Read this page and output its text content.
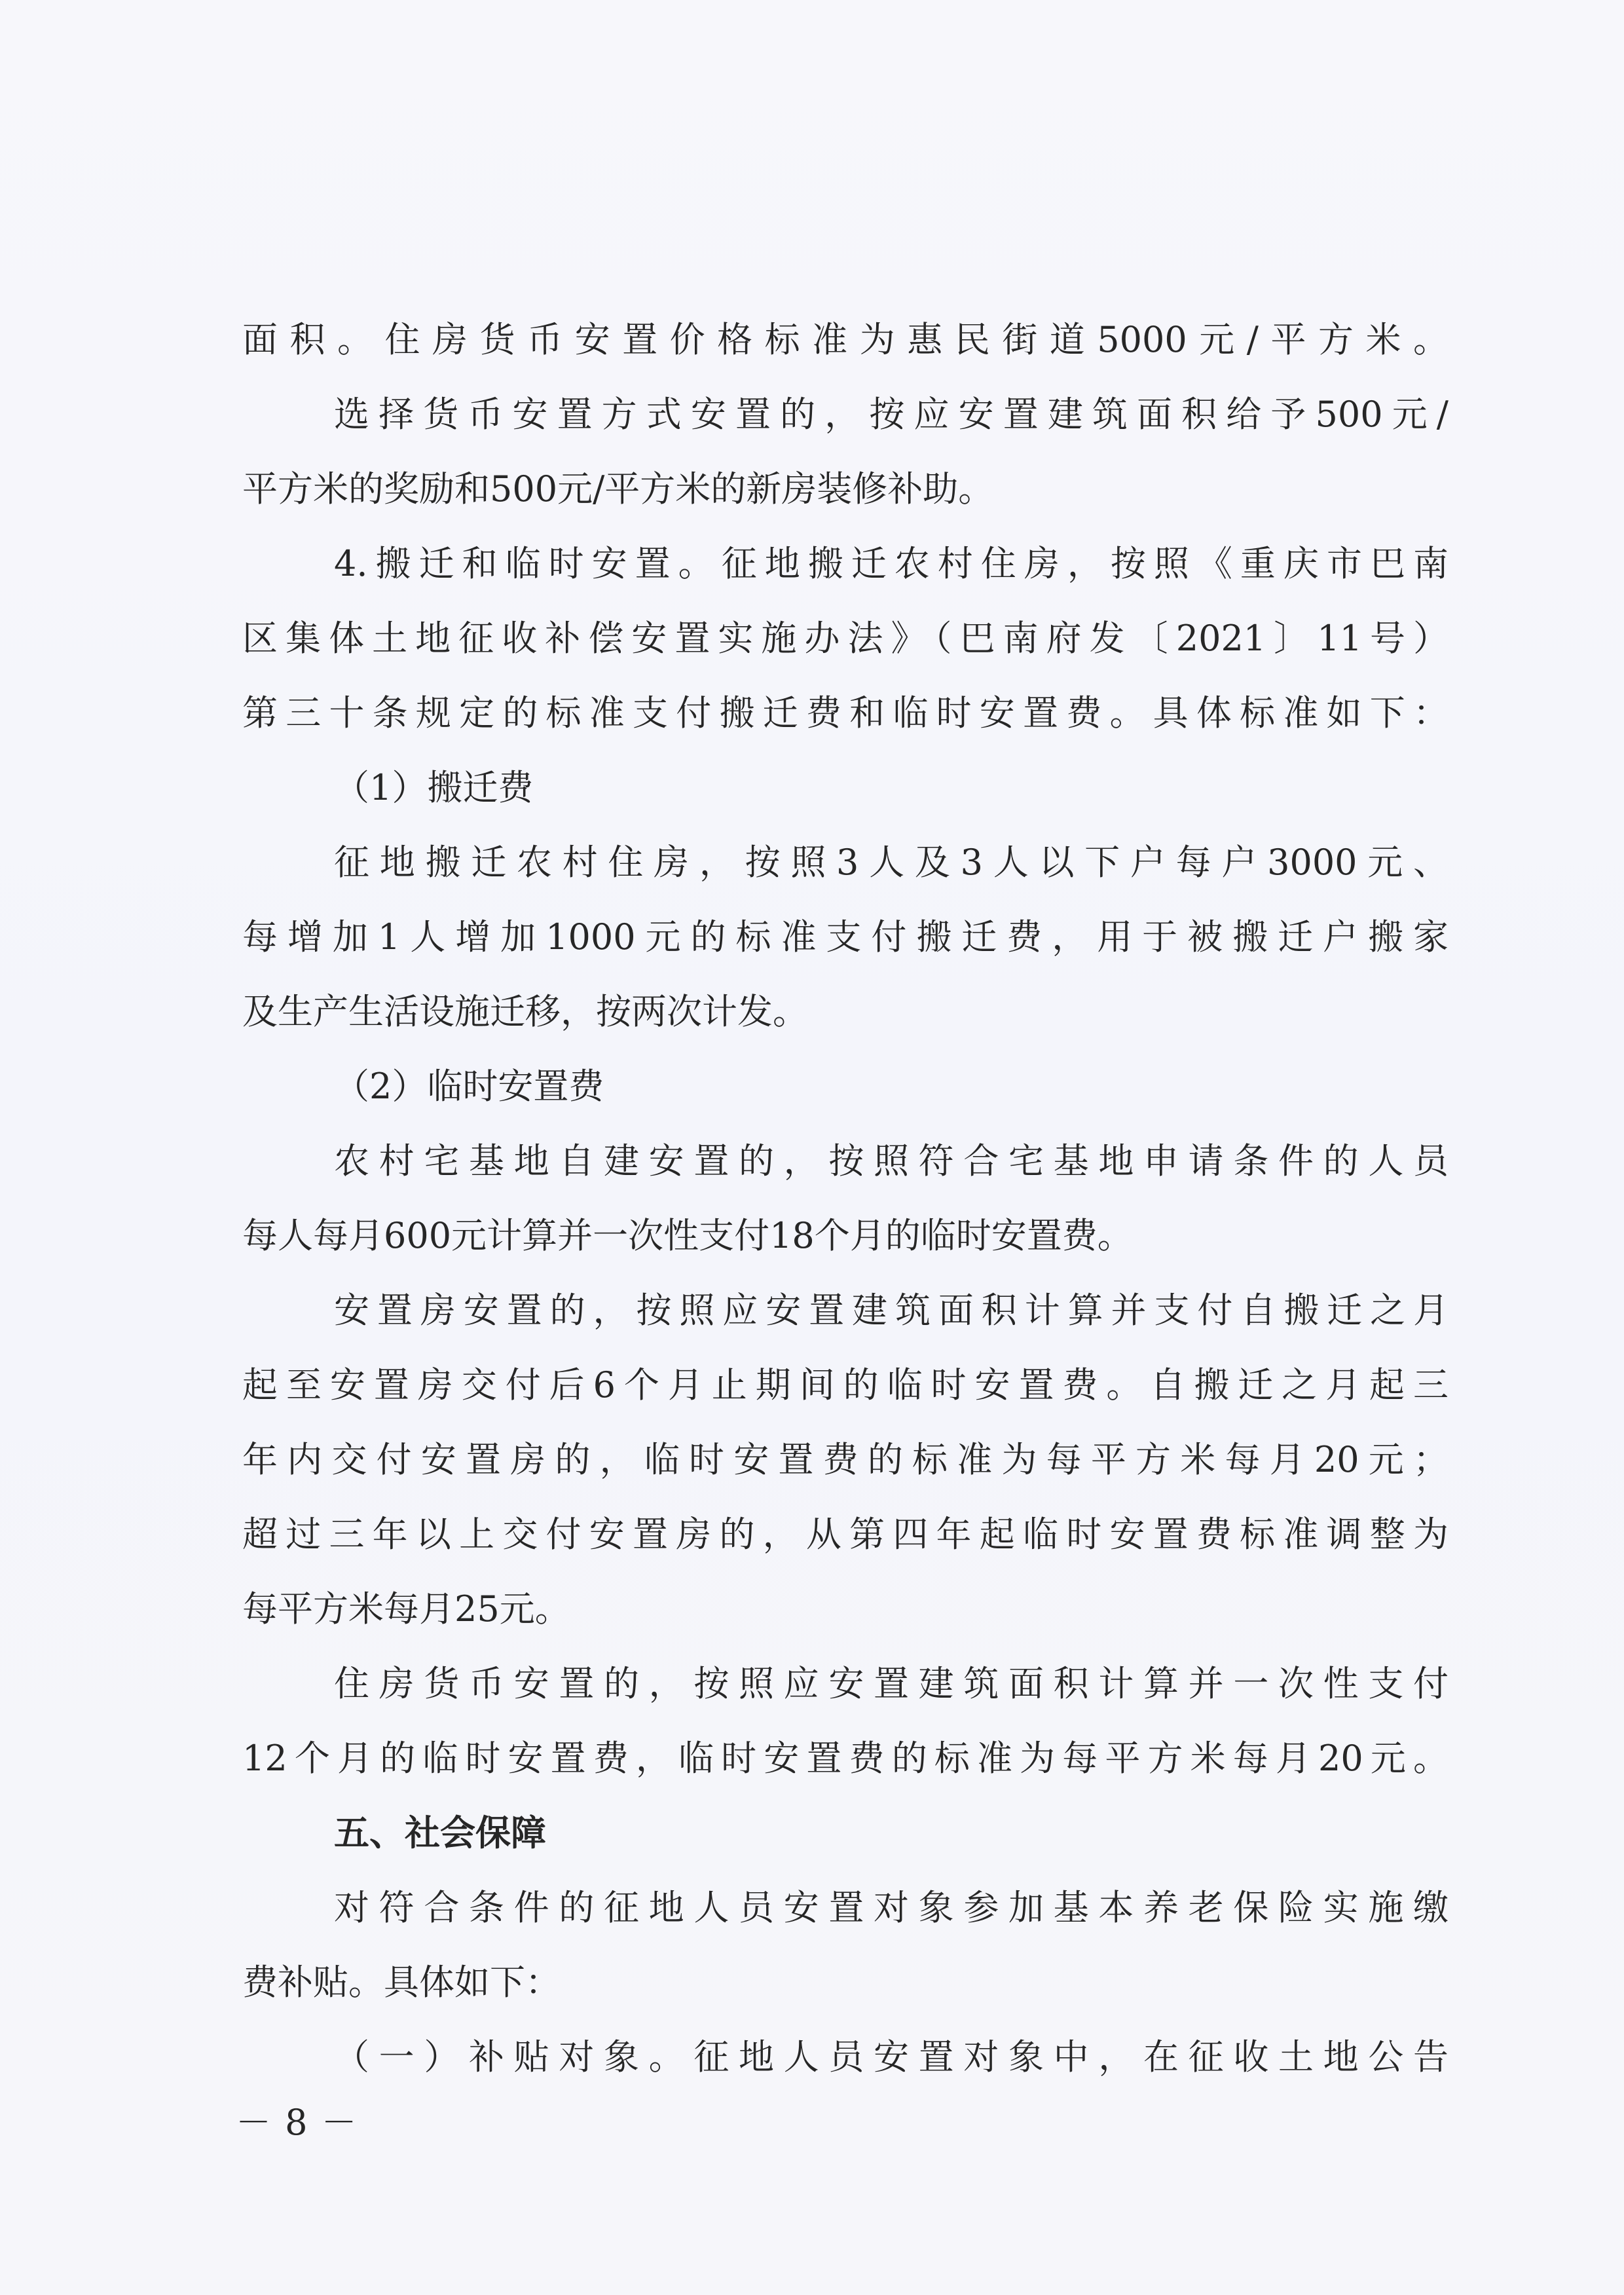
面积。住房货币安置价格标准为惠民街道5000元/平方米。
选择货币安置方式安置的，按应安置建筑面积给予500元/
平方米的奖励和500元/平方米的新房装修补助。
4.搬迁和临时安置。征地搬迁农村住房，按照《重庆市巴南
区集体土地征收补偿安置实施办法》（巴南府发〔2021〕11号）
第三十条规定的标准支付搬迁费和临时安置费。具体标准如下：
（1）搬迁费
征地搬迁农村住房，按照3人及3人以下户每户3000元、
每增加1人增加1000元的标准支付搬迁费，用于被搬迁户搬家
及生产生活设施迁移，按两次计发。
（2）临时安置费
农村宅基地自建安置的，按照符合宅基地申请条件的人员
每人每月600元计算并一次性支付18个月的临时安置费。
安置房安置的，按照应安置建筑面积计算并支付自搬迁之月
起至安置房交付后6个月止期间的临时安置费。自搬迁之月起三
年内交付安置房的，临时安置费的标准为每平方米每月20元；
超过三年以上交付安置房的，从第四年起临时安置费标准调整为
每平方米每月25元。
住房货币安置的，按照应安置建筑面积计算并一次性支付
12个月的临时安置费，临时安置费的标准为每平方米每月20元。
五、社会保障
对符合条件的征地人员安置对象参加基本养老保险实施缴
费补贴。具体如下：
（一）补贴对象。征地人员安置对象中，在征收土地公告
－ 8 －
